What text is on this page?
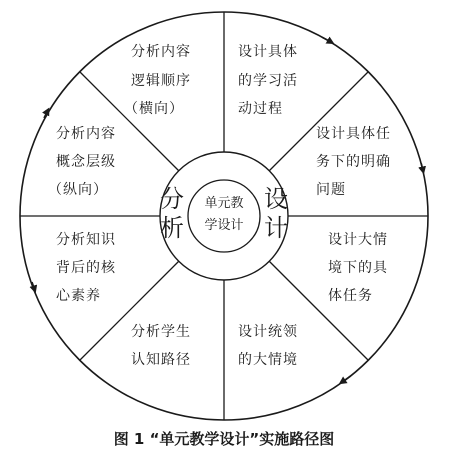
单元教
学设计
分
析
设
计
分析内容
逻辑顺序
（横向）
分析内容
概念层级
（纵向）
分析知识
背后的核
心素养
分析学生
认知路径
设计具体
的学习活
动过程
设计具体任
务下的明确
问题
设计大情
境下的具
体任务
设计统领
的大情境
图 1 “单元教学设计”实施路径图
